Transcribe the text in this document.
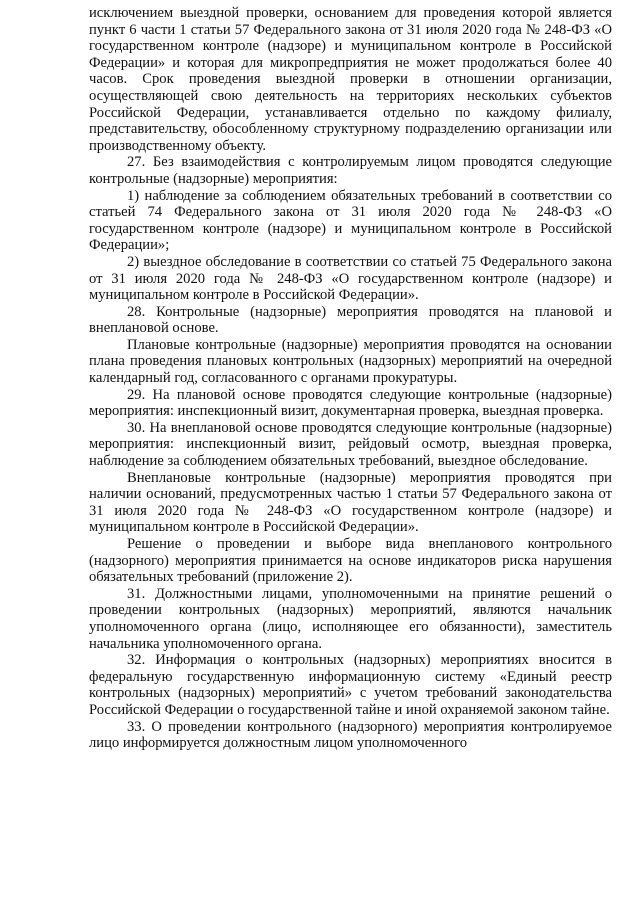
исключением выездной проверки, основанием для проведения которой является пункт 6 части 1 статьи 57 Федерального закона от 31 июля 2020 года № 248-ФЗ «О государственном контроле (надзоре) и муниципальном контроле в Российской Федерации» и которая для микропредприятия не может продолжаться более 40 часов. Срок проведения выездной проверки в отношении организации, осуществляющей свою деятельность на территориях нескольких субъектов Российской Федерации, устанавливается отдельно по каждому филиалу, представительству, обособленному структурному подразделению организации или производственному объекту.

27. Без взаимодействия с контролируемым лицом проводятся следующие контрольные (надзорные) мероприятия:

1) наблюдение за соблюдением обязательных требований в соответствии со статьей 74 Федерального закона от 31 июля 2020 года № 248-ФЗ «О государственном контроле (надзоре) и муниципальном контроле в Российской Федерации»;

2) выездное обследование в соответствии со статьей 75 Федерального закона от 31 июля 2020 года № 248-ФЗ «О государственном контроле (надзоре) и муниципальном контроле в Российской Федерации».

28. Контрольные (надзорные) мероприятия проводятся на плановой и внеплановой основе.

Плановые контрольные (надзорные) мероприятия проводятся на основании плана проведения плановых контрольных (надзорных) мероприятий на очередной календарный год, согласованного с органами прокуратуры.

29. На плановой основе проводятся следующие контрольные (надзорные) мероприятия: инспекционный визит, документарная проверка, выездная проверка.

30. На внеплановой основе проводятся следующие контрольные (надзорные) мероприятия: инспекционный визит, рейдовый осмотр, выездная проверка, наблюдение за соблюдением обязательных требований, выездное обследование.

Внеплановые контрольные (надзорные) мероприятия проводятся при наличии оснований, предусмотренных частью 1 статьи 57 Федерального закона от 31 июля 2020 года № 248-ФЗ «О государственном контроле (надзоре) и муниципальном контроле в Российской Федерации».

Решение о проведении и выборе вида внепланового контрольного (надзорного) мероприятия принимается на основе индикаторов риска нарушения обязательных требований (приложение 2).

31. Должностными лицами, уполномоченными на принятие решений о проведении контрольных (надзорных) мероприятий, являются начальник уполномоченного органа (лицо, исполняющее его обязанности), заместитель начальника уполномоченного органа.

32. Информация о контрольных (надзорных) мероприятиях вносится в федеральную государственную информационную систему «Единый реестр контрольных (надзорных) мероприятий» с учетом требований законодательства Российской Федерации о государственной тайне и иной охраняемой законом тайне.

33. О проведении контрольного (надзорного) мероприятия контролируемое лицо информируется должностным лицом уполномоченного
